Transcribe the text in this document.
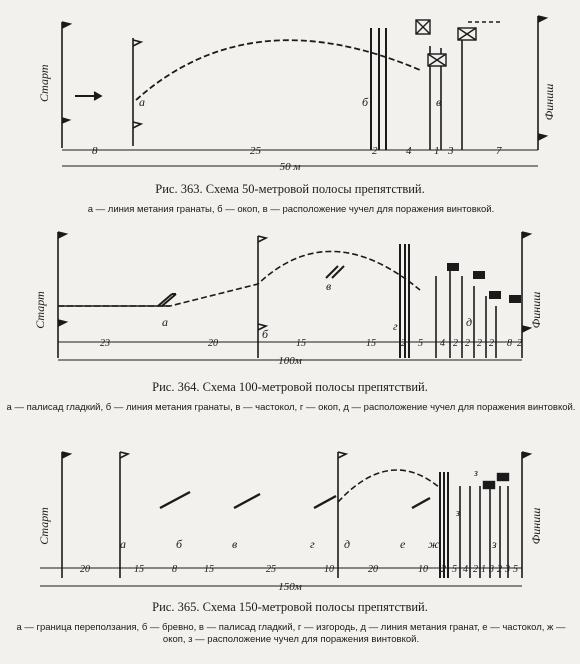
Старт	Финиш
а	б	в
8	25	2	4 1 3	7
50 м
Рис. 363. Схема 50-метровой полосы препятствий.
а — линия метания гранаты, б — окоп, в — расположение чучел для поражения винтовкой.
Старт	Финиш
а
б
в
г	д
23	20	15	15	2 5 4 2 2 2 2 8 2
100м
Рис. 364. Схема 100-метровой полосы препятствий.
а — палисад гладкий, б — линия метания гранаты, в — частокол, г — окоп, д — расположение чучел для поражения винтовкой.
Старт	Финиш
а	б	в	г д	е ж	з
з
з
20	15	8	15	25	10	20	10 2 5 4 2 1 3 2 3 5
150м
Рис. 365. Схема 150-метровой полосы препятствий.
а — граница переползания, б — бревно, в — палисад гладкий, г — изгородь, д — линия метания гранат, е — частокол, ж — окоп, з — расположение чучел для поражения винтовкой.
